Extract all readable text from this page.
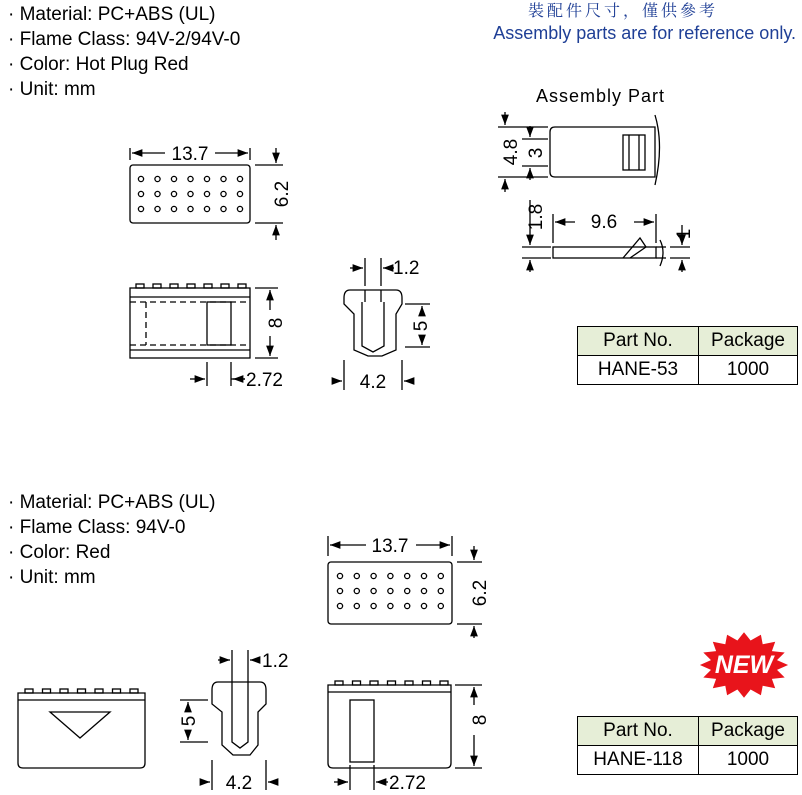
· Material: PC+ABS (UL)
· Flame Class: 94V-2/94V-0
· Color: Hot Plug Red
· Unit: mm
· Material: PC+ABS (UL)
· Flame Class: 94V-0
· Color: Red
· Unit: mm
裝配件尺寸，僅供參考
Assembly parts are for reference only.
Part No.	Package
HANE-53	1000
Part No.	Package
HANE-118	1000
13.7
6.2
8
2.72
1.2
5
4.2
Assembly Part
4.8 3
1.8 9.6
1
13.7
6.2
1.2
5
4.2
8
2.72
NEW
